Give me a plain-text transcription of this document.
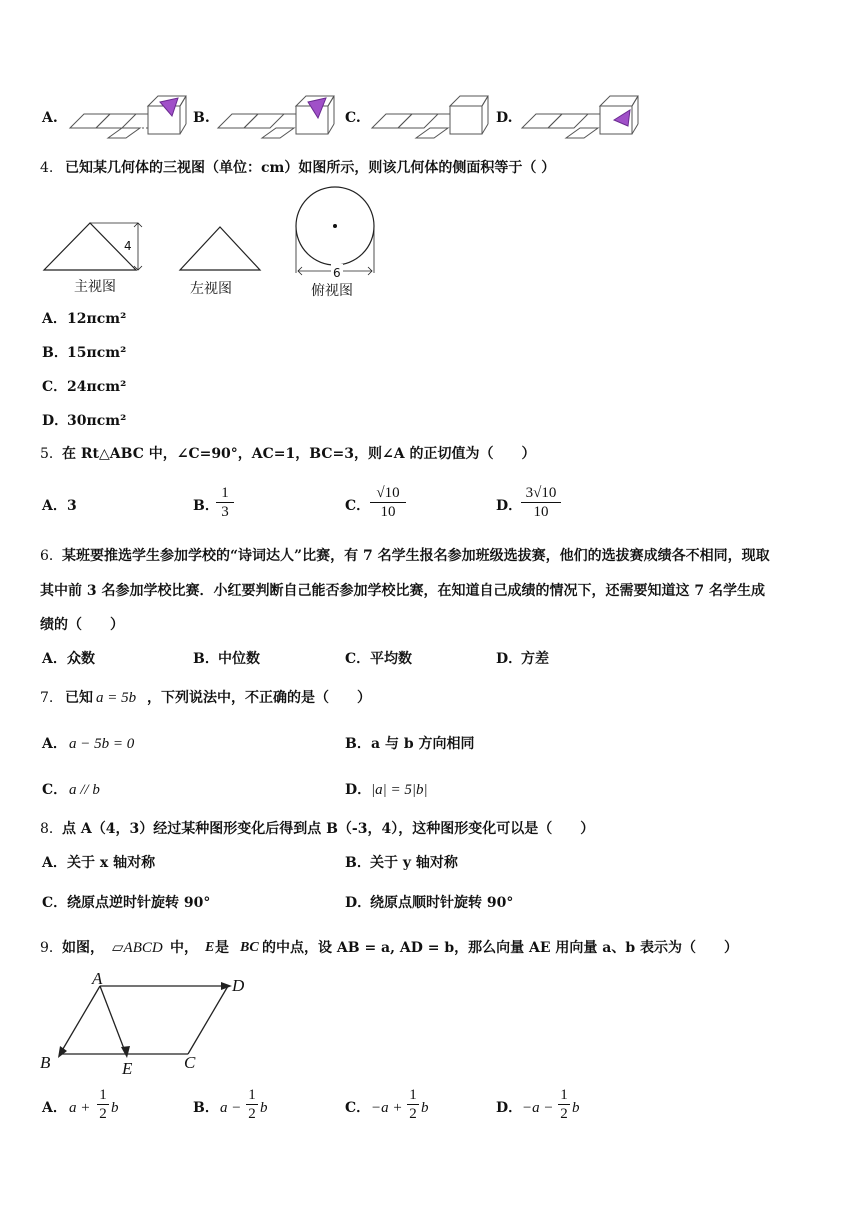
A.	B.	C.	D.
4. 已知某几何体的三视图（单位：cm）如图所示，则该几何体的侧面积等于（ ）
4
6
主视图	左视图	俯视图
A． 12πcm²
B． 15πcm²
C． 24πcm²
D．
30πcm²
5． 在 Rt△ABC 中，∠C=90°，AC=1，BC=3，则∠A 的正切值为（　　）
A． 3	B．
1
3	C．
√10
10	D．
3√10
10
6． 某班要推选学生参加学校的“诗词达人”比赛，有 7 名学生报名参加班级选拔赛，他们的选拔赛成绩各不相同，现取
其中前 3 名参加学校比赛．小红要判断自己能否参加学校比赛，在知道自己成绩的情况下，还需要知道这 7 名学生成
绩的（　　）
A． 众数	B． 中位数	C． 平均数	D．
方差
7. 已知 a = 5b ，下列说法中，不正确的是（　　）
A． a − 5b = 0	B． a 与 b 方向相同
C． a // b	D． |a| = 5|b|
8． 点 A（4，3）经过某种图形变化后得到点 B（-3，4），这种图形变化可以是（　　）
A． 关于 x 轴对称	B． 关于 y 轴对称
C． 绕原点逆时针旋转 90°	D．
绕原点顺时针旋转 90°
9． 如图， ▱ABCD 中， E 是 BC 的中点，设 AB = a, AD = b，那么向量 AE 用向量 a、b 表示为（　　）
A	D
B	E	C
A． a +
1
2 b	B． a −
1
2 b	C． −a +
1
2 b	D． −a −
1
2 b
